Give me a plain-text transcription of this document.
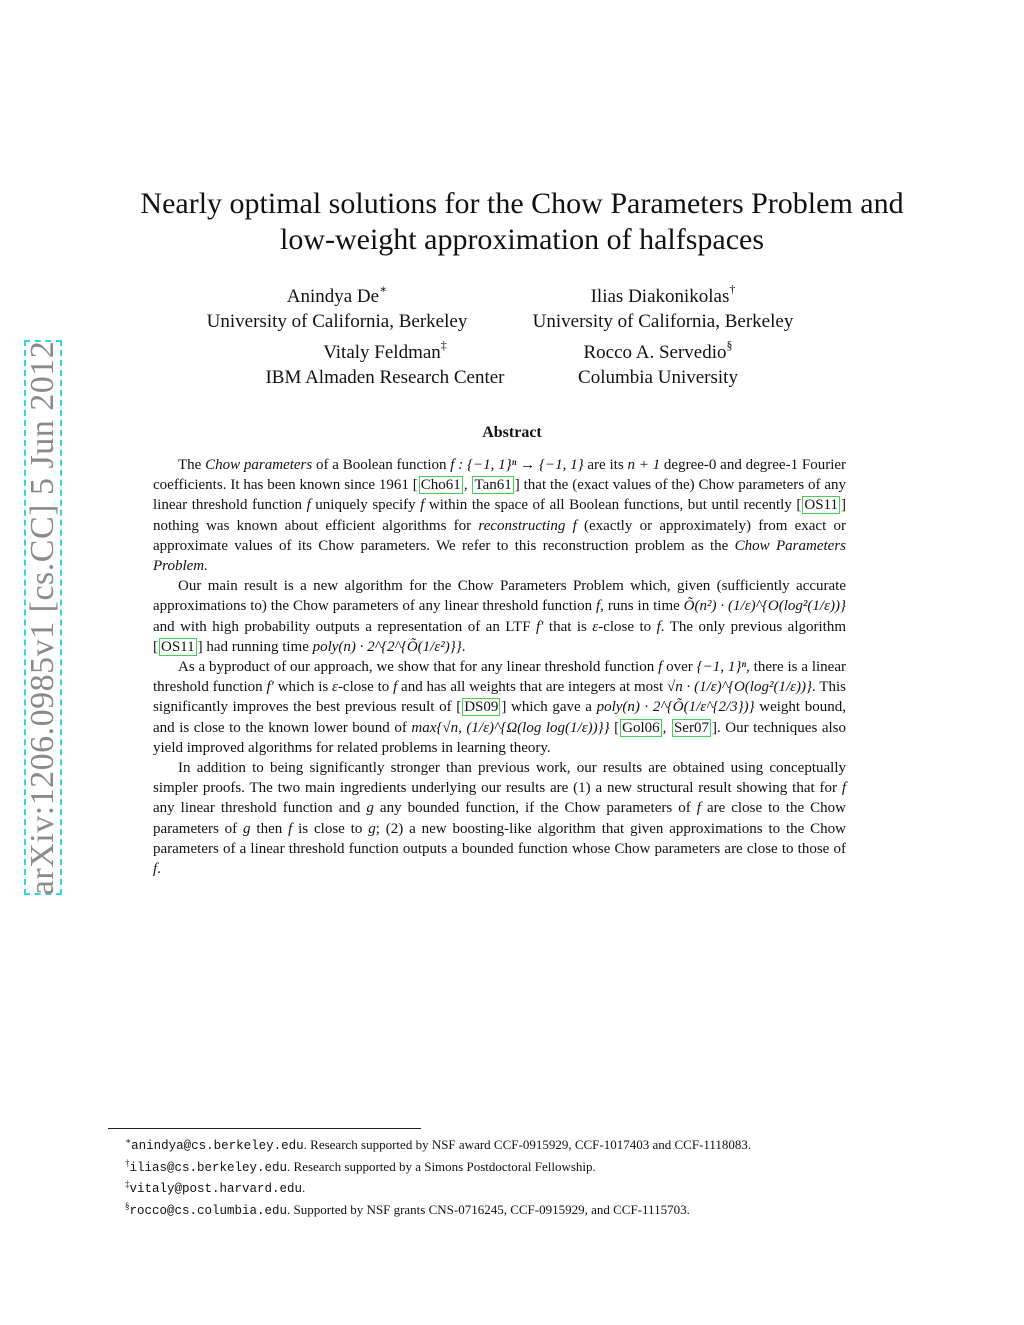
arXiv:1206.0985v1 [cs.CC] 5 Jun 2012
Nearly optimal solutions for the Chow Parameters Problem and
low-weight approximation of halfspaces
Anindya De∗
University of California, Berkeley
Ilias Diakonikolas†
University of California, Berkeley
Vitaly Feldman‡
IBM Almaden Research Center
Rocco A. Servedio§
Columbia University
Abstract

The Chow parameters of a Boolean function f : {−1, 1}ⁿ → {−1, 1} are its n + 1 degree-0 and degree-1 Fourier coefficients. It has been known since 1961 [ Cho61 , Tan61 ] that the (exact values of the) Chow parameters of any linear threshold function f uniquely specify f within the space of all Boolean functions, but until recently [ OS11 ] nothing was known about efficient algorithms for reconstructing f (exactly or approximately) from exact or approximate values of its Chow parameters. We refer to this reconstruction problem as the Chow Parameters Problem.

Our main result is a new algorithm for the Chow Parameters Problem which, given (sufficiently accurate approximations to) the Chow parameters of any linear threshold function f, runs in time Õ(n²) · (1/ε)^{O(log²(1/ε))} and with high probability outputs a representation of an LTF f′ that is ε-close to f. The only previous algorithm [ OS11 ] had running time poly(n) · 2^{2^{Õ(1/ε²)}}.

As a byproduct of our approach, we show that for any linear threshold function f over {−1, 1}ⁿ, there is a linear threshold function f′ which is ε-close to f and has all weights that are integers at most √n · (1/ε)^{O(log²(1/ε))}. This significantly improves the best previous result of [ DS09 ] which gave a poly(n) · 2^{Õ(1/ε^{2/3})} weight bound, and is close to the known lower bound of max{√n, (1/ε)^{Ω(log log(1/ε))}} [ Gol06 , Ser07 ]. Our techniques also yield improved algorithms for related problems in learning theory.

In addition to being significantly stronger than previous work, our results are obtained using conceptually simpler proofs. The two main ingredients underlying our results are (1) a new structural result showing that for f any linear threshold function and g any bounded function, if the Chow parameters of f are close to the Chow parameters of g then f is close to g; (2) a new boosting-like algorithm that given approximations to the Chow parameters of a linear threshold function outputs a bounded function whose Chow parameters are close to those of f.

∗anindya@cs.berkeley.edu. Research supported by NSF award CCF-0915929, CCF-1017403 and CCF-1118083.
†ilias@cs.berkeley.edu. Research supported by a Simons Postdoctoral Fellowship.
‡vitaly@post.harvard.edu.
§rocco@cs.columbia.edu. Supported by NSF grants CNS-0716245, CCF-0915929, and CCF-1115703.
